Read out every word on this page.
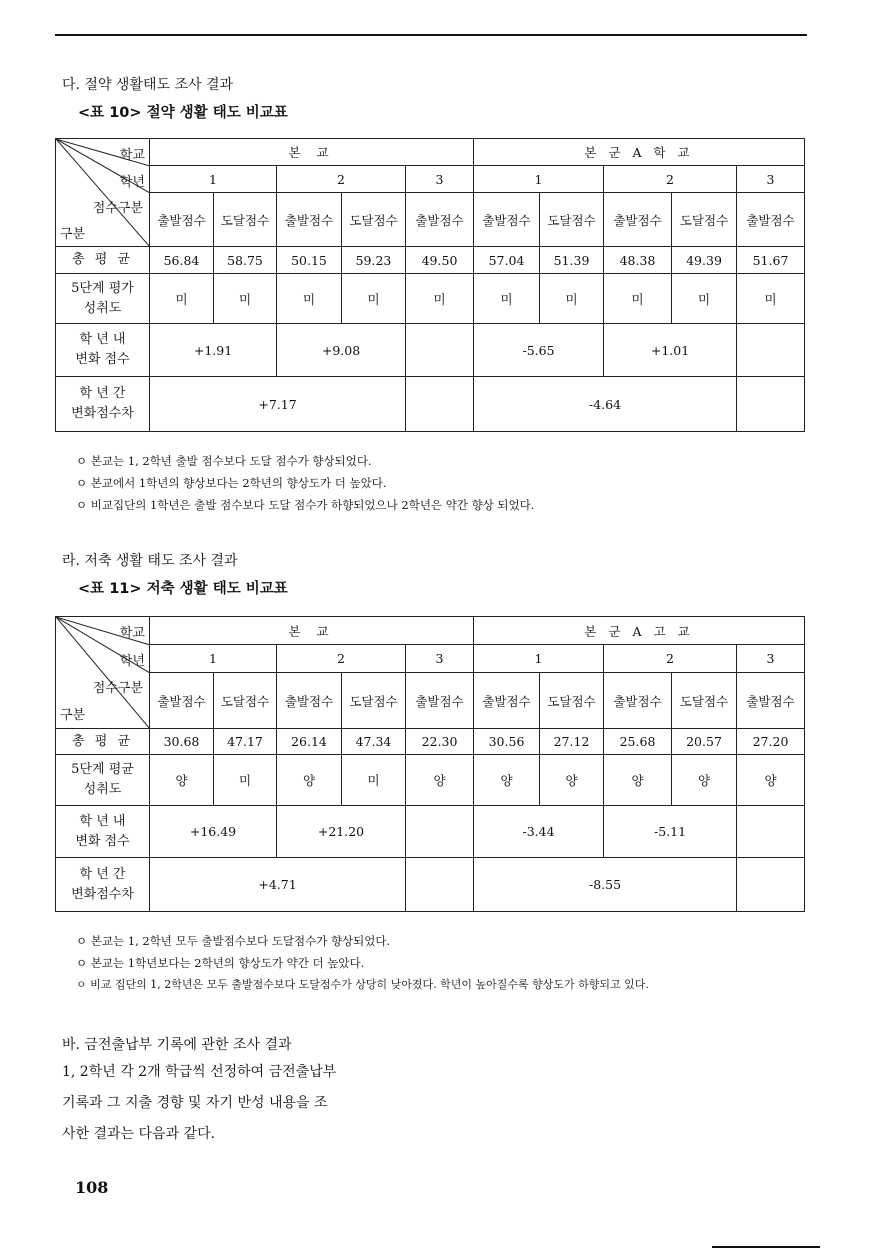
다. 절약 생활태도 조사 결과
<표 10> 절약 생활 태도 비교표
학교
학년
점수구분
구분	본 교					본 군 A 학 교				
	1		2		3	1		2		3
	출발점수	도달점수	출발점수	도달점수	출발점수	출발점수	도달점수	출발점수	도달점수	출발점수
총 평 균	56.84	58.75	50.15	59.23	49.50	57.04	51.39	48.38	49.39	51.67

5단계 평가
성취도	미	미	미	미	미	미	미	미	미	미

학 년 내
변화 점수	+1.91		+9.08			-5.65		+1.01		

학 년 간
변화점수차	+7.17					-4.64				
ㅇ 본교는 1, 2학년 출발 점수보다 도달 점수가 향상되었다.
ㅇ 본교에서 1학년의 향상보다는 2학년의 향상도가 더 높았다.
ㅇ 비교집단의 1학년은 출발 점수보다 도달 점수가 하향되었으나 2학년은 약간 향상 되었다.
라. 저축 생활 태도 조사 결과
<표 11> 저축 생활 태도 비교표
학교
학년
점수구분
구분	본 교					본 군 A 고 교				
	1		2		3	1		2		3
	출발점수	도달점수	출발점수	도달점수	출발점수	출발점수	도달점수	출발점수	도달점수	출발점수
총 평 균	30.68	47.17	26.14	47.34	22.30	30.56	27.12	25.68	20.57	27.20

5단계 평균
성취도	양	미	양	미	양	양	양	양	양	양

학 년 내
변화 점수	+16.49		+21.20			-3.44		-5.11		

학 년 간
변화점수차	+4.71					-8.55				
ㅇ 본교는 1, 2학년 모두 출발점수보다 도달점수가 향상되었다.
ㅇ 본교는 1학년보다는 2학년의 향상도가 약간 더 높았다.
ㅇ 비교 집단의 1, 2학년은 모두 출발점수보다 도달점수가 상당히 낮아졌다. 학년이 높아질수록 향상도가 하향되고 있다.
바. 금전출납부 기록에 관한 조사 결과
1, 2학년 각 2개 학급씩 선정하여 금전출납부
기록과 그 지출 경향 및 자기 반성 내용을 조
사한 결과는 다음과 같다.
108
